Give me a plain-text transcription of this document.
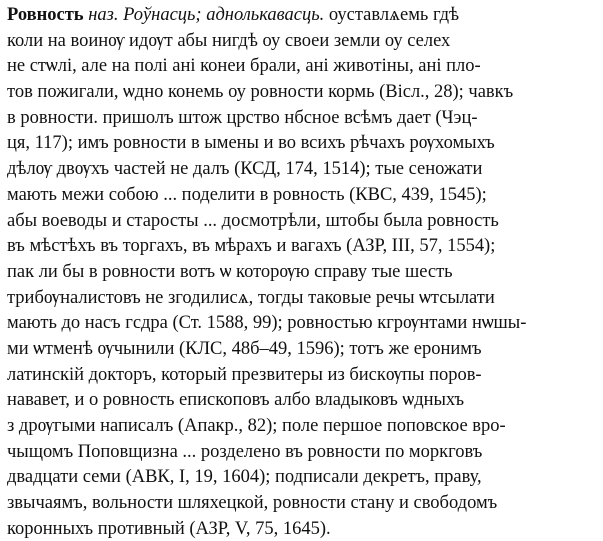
Ровность наз. Роўнасць; аднолькавасць. оуставлѧемь гдѣ
коли на воинѹ идѹт абы нигдѣ оу своеи земли оу селех
не стѡлі, але на полі ані конеи брали, ані животіны, ані пло-
тов пожигали, ѡдно конемь оу ровности кормь (Вісл., 28); чавкъ
в ровности. пришолъ штож црство нбсное всѣмъ дает (Чэц-
ця, 117); имъ ровности в ымены и во всихъ рѣчахъ рѹхомыхъ
дѣлѹ двѹхъ частей не далъ (КСД, 174, 1514); тые сеножати
мають межи собою ... поделити в ровность (КВС, 439, 1545);
абы воеводы и старосты ... досмотрѣли, штобы была ровность
въ мѣстѣхъ въ торгахъ, въ мѣрахъ и вагахъ (АЗР, III, 57, 1554);
пак ли бы в ровности вотъ ѡ которѹю справу тые шесть
трибѹналистовъ не згодилисѧ, тогды таковые речы ѡтсылати
мають до насъ гсдра (Ст. 1588, 99); ровностью кгрѹнтами нѡшы-
ми ѡтменѣ ѹчынили (КЛС, 48б–49, 1596); тотъ же еронимъ
латинскій докторъ, который презвитеры из бискѹпы поров-
нававет, и о ровность епископовъ албо владыковъ ѡдныхъ
з дрѹгыми написалъ (Апакр., 82); поле першое поповское вро-
чыщомъ Поповщизна ... розделено въ ровности по моркговъ
двадцати семи (АВК, I, 19, 1604); подписали декретъ, праву,
звычаямъ, вольности шляхецкой, ровности стану и свободомъ
коронныхъ противный (АЗР, V, 75, 1645).
